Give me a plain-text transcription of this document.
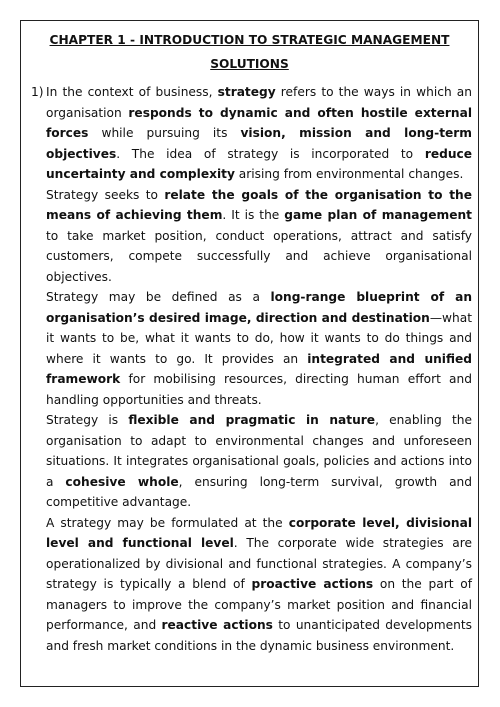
CHAPTER 1 - INTRODUCTION TO STRATEGIC MANAGEMENT
SOLUTIONS
1) In the context of business, strategy refers to the ways in which an organisation responds to dynamic and often hostile external forces while pursuing its vision, mission and long-term objectives. The idea of strategy is incorporated to reduce uncertainty and complexity arising from environmental changes.

Strategy seeks to relate the goals of the organisation to the means of achieving them. It is the game plan of management to take market position, conduct operations, attract and satisfy customers, compete successfully and achieve organisational objectives.

Strategy may be defined as a long-range blueprint of an organisation’s desired image, direction and destination—what it wants to be, what it wants to do, how it wants to do things and where it wants to go. It provides an integrated and unified framework for mobilising resources, directing human effort and handling opportunities and threats.

Strategy is flexible and pragmatic in nature, enabling the organisation to adapt to environmental changes and unforeseen situations. It integrates organisational goals, policies and actions into a cohesive whole, ensuring long-term survival, growth and competitive advantage.

A strategy may be formulated at the corporate level, divisional level and functional level. The corporate wide strategies are operationalized by divisional and functional strategies. A company’s strategy is typically a blend of proactive actions on the part of managers to improve the company’s market position and financial performance, and reactive actions to unanticipated developments and fresh market conditions in the dynamic business environment.
